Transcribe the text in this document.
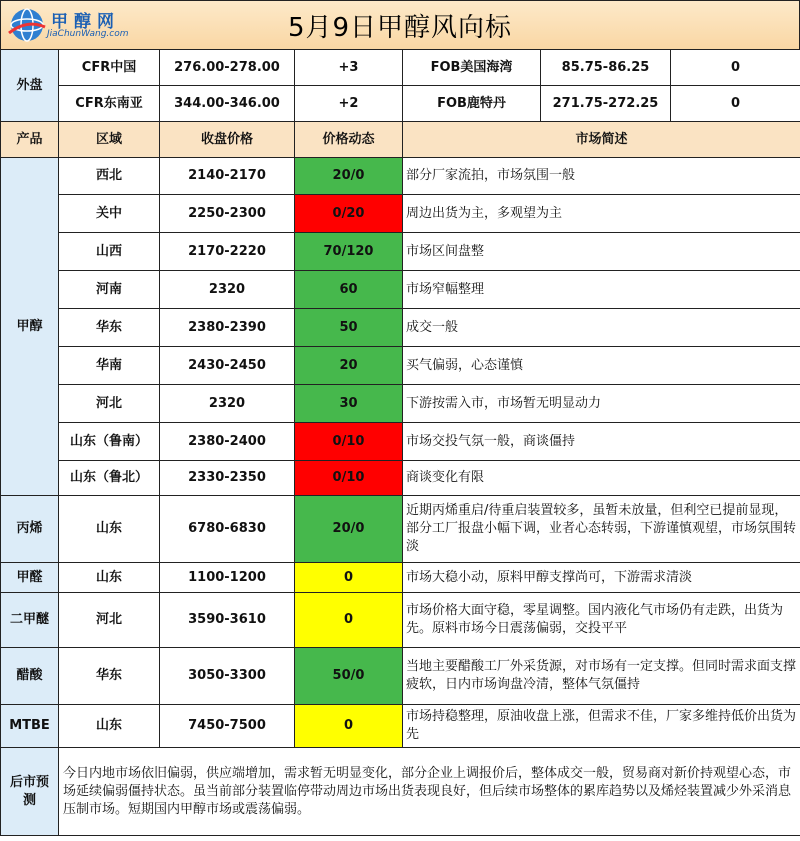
甲醇网
JiaChunWang.com	5月9日甲醇风向标
外盘	CFR中国	276.00-278.00	+3	FOB美国海湾	85.75-86.25	0
	CFR东南亚	344.00-346.00	+2	FOB鹿特丹	271.75-272.25	0
产品	区域	收盘价格	价格动态	市场简述		
甲醇	西北	2140-2170	20/0	部分厂家流拍，市场氛围一般		
	关中	2250-2300	0/20	周边出货为主，多观望为主		
	山西	2170-2220	70/120	市场区间盘整		
	河南	2320	60	市场窄幅整理		
	华东	2380-2390	50	成交一般		
	华南	2430-2450	20	买气偏弱，心态谨慎		
	河北	2320	30	下游按需入市，市场暂无明显动力		
	山东（鲁南）	2380-2400	0/10	市场交投气氛一般，商谈僵持		
	山东（鲁北）	2330-2350	0/10	商谈变化有限		
丙烯	山东	6780-6830	20/0	近期丙烯重启/待重启装置较多，虽暂未放量，但利空已提前显现，部分工厂报盘小幅下调，业者心态转弱，下游谨慎观望，市场氛围转淡		
甲醛	山东	1100-1200	0	市场大稳小动，原料甲醇支撑尚可，下游需求清淡		
二甲醚	河北	3590-3610	0	市场价格大面守稳，零星调整。国内液化气市场仍有走跌，出货为先。原料市场今日震荡偏弱，交投平平		
醋酸	华东	3050-3300	50/0	当地主要醋酸工厂外采货源，对市场有一定支撑。但同时需求面支撑疲软，日内市场询盘冷清，整体气氛僵持		
MTBE	山东	7450-7500	0	市场持稳整理，原油收盘上涨，但需求不佳，厂家多维持低价出货为先		
后市预测	今日内地市场依旧偏弱，供应端增加，需求暂无明显变化，部分企业上调报价后，整体成交一般，贸易商对新价持观望心态，市场延续偏弱僵持状态。虽当前部分装置临停带动周边市场出货表现良好，但后续市场整体的累库趋势以及烯烃装置减少外采消息压制市场。短期国内甲醇市场或震荡偏弱。					
